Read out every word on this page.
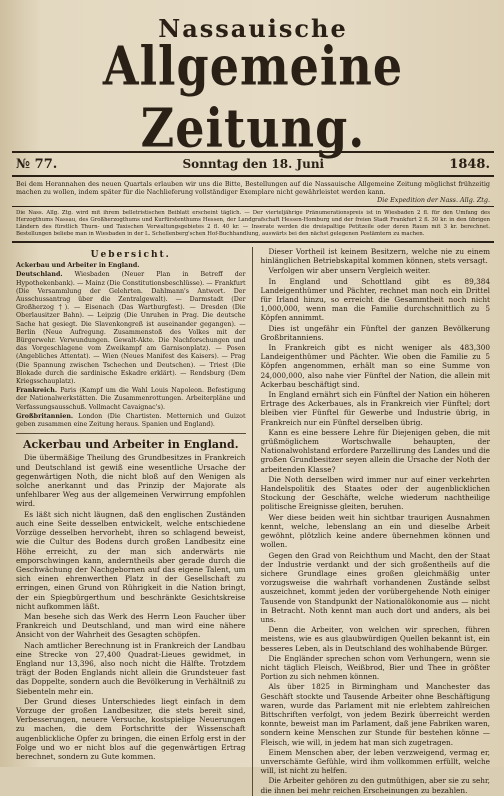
Nassauische
Allgemeine Zeitung.
№ 77.	Sonntag den 18. Juni	1848.
Bei dem Herannahen des neuen Quartals erlauben wir uns die Bitte, Bestellungen auf die Nassauische Allgemeine Zeitung möglichst frühzeitig machen zu wollen, indem später für die Nachlieferung vollständiger Exemplare nicht gewährleistet werden kann.
Die Expedition der Nass. Allg. Ztg.
Die Nass. Allg. Ztg. wird mit ihrem belletristischen Beiblatt erscheint täglich. — Der vierteljährige Pränumerationspreis ist in Wiesbaden 2 fl. für den Umfang des Herzogthums Nassau, des Großherzogthums und Kurfürstenthums Hessen, der Landgrafschaft Hessen-Homburg und der freien Stadt Frankfurt 2 fl. 30 kr. in den übrigen Ländern des fürstlich Thurn- und Taxischen Verwaltungsgebietes 2 fl. 40 kr. — Inserate werden die dreispaltige Petitzeile oder deren Raum mit 3 kr. berechnet. Bestellungen beliebe man in Wiesbaden in der L. Schellenberg'schen Hof-Buchhandlung, auswärts bei den nächst gelegenen Postämtern zu machen.
Uebersicht.

Ackerbau und Arbeiter in England.

Deutschland. Wiesbaden (Neuer Plan in Betreff der Hypothekenbank). — Mainz (Die Constitutionsbeschlüsse). — Frankfurt (Die Versammlung der Gelehrten. Dahlmann's Antwort. Der Ausschussantrag über die Zentralgewalt). — Darmstadt (Der Großherzog †). — Eisenach (Das Wartburgfest). — Dresden (Die Oberlausitzer Bahn). — Leipzig (Die Unruhen in Prag. Die deutsche Sache hat gesiegt. Die Slavenkongreß ist auseinander gegangen). — Berlin (Neue Aufregung. Zusammenstoß des Volkes mit der Bürgerwehr. Verwundungen. Gewalt-Akte. Die Nachforschungen und das Vorgeschlagene vom Zweikampf am Garnisonplatz). — Posen (Angebliches Attentat). — Wien (Neues Manifest des Kaisers). — Prag (Die Spannung zwischen Tschechen und Deutschen). — Triest (Die Blokade durch die sardinische Eskadre erklärt). — Rendsburg (Dem Kriegsschauplatz).

Frankreich. Paris (Kampf um die Wahl Louis Napoleon. Befestigung der Nationalwerkstätten. Die Zusammenrottungen. Arbeiterpläne und Verfassungsausschuß. Vollmacht Cavaignac's).

Großbritannien. London (Die Chartisten. Metternich und Guizot geben zusammen eine Zeitung heraus. Spanien und England).

Ackerbau und Arbeiter in England.

Die übermäßige Theilung des Grundbesitzes in Frankreich und Deutschland ist gewiß eine wesentliche Ursache der gegenwärtigen Noth, die nicht bloß auf den Wenigen als solche anerkannt und das Prinzip der Majorate als unfehlbarer Weg aus der allgemeinen Verwirrung empfohlen wird.

Es läßt sich nicht läugnen, daß den englischen Zuständen auch eine Seite desselben entwickelt, welche entschiedene Vorzüge desselben hervorhebt, ihren so schlagend beweist, wie die Cultur des Bodens durch großen Landbesitz eine Höhe erreicht, zu der man sich anderwärts nie emporschwingen kann, anderntheils aber gerade durch die Geschwächung der Nachgebornen auf das eigene Talent, um sich einen ehrenwerthen Platz in der Gesellschaft zu erringen, einen Grund von Rührigkeit in die Nation bringt, der ein Spiegbürgerthum und beschränkte Gesichtskreise nicht aufkommen läßt.

Man besehe sich das Werk des Herrn Leon Faucher über Frankreich und Deutschland, und man wird eine nähere Ansicht von der Wahrheit des Gesagten schöpfen.

Nach amtlicher Berechnung ist in Frankreich der Landbau eine Strecke von 27,400 Quadrat-Lieues gewidmet, in England nur 13,396, also noch nicht die Hälfte. Trotzdem trägt der Boden Englands nicht allein die Grundsteuer fast das Doppelte, sondern auch die Bevölkerung in Verhältniß zu Siebenteln mehr ein.

Der Grund dieses Unterschiedes liegt einfach in dem Vorzuge der großen Landbesitzer, die stets bereit sind, Verbesserungen, neuere Versuche, kostspielige Neuerungen zu machen, die dem Fortschritte der Wissenschaft augenblickliche Opfer zu bringen, die einen Erfolg erst in der Folge und wo er nicht blos auf die gegenwärtigen Ertrag berechnet, sondern zu Gute kommen.

Dieser Vortheil ist keinem Besitzern, welche nie zu einem hinlänglichen Betriebskapital kommen können, stets versagt.

Verfolgen wir aber unsern Vergleich weiter.

In England und Schottland gibt es 89,384 Landeigenthümer und Pächter, rechnet man noch ein Drittel für Irland hinzu, so erreicht die Gesammtheit noch nicht 1,000,000, wenn man die Familie durchschnittlich zu 5 Köpfen annimmt.

Dies ist ungefähr ein Fünftel der ganzen Bevölkerung Großbritanniens.

In Frankreich gibt es nicht weniger als 483,300 Landeigenthümer und Pächter. Wie oben die Familie zu 5 Köpfen angenommen, erhält man so eine Summe von 24,000,000, also nahe vier Fünftel der Nation, die allein mit Ackerbau beschäftigt sind.

In England ernährt sich ein Fünftel der Nation ein höheren Ertrage des Ackerbaues, als in Frankreich vier Fünftel; dort bleiben vier Fünftel für Gewerbe und Industrie übrig, in Frankreich nur ein Fünftel derselben übrig.

Kann es eine bessere Lehre für Diejenigen geben, die mit grüßmöglichem Wortschwalle behaupten, der Nationalwohlstand erfordere Parzellirung des Landes und die großen Grundbesitzer seyen allein die Ursache der Noth der arbeitenden Klasse?

Die Noth derselben wird immer nur auf einer verkehrten Handelspolitik des Staates oder der augenblicklichen Stockung der Geschäfte, welche wiederum nachtheilige politische Ereignisse gleiten, beruhen.

Wer diese beiden weit hin sichtbar traurigen Ausnahmen kennt, welche, lebenslang an ein und dieselbe Arbeit gewöhnt, plötzlich keine andere übernehmen können und wollen.

Gegen den Grad von Reichthum und Macht, den der Staat der Industrie verdankt und der sich großentheils auf die sichere Grundlage eines großen gleichmäßig unter vorzugsweise die wahrhaft vorhandenen Zustände selbst auszeichnet, kommt jeden der vorübergehende Noth einiger Tausende von Standpunkt der Nationalökonomie aus — nicht in Betracht. Noth kennt man auch dort und anders, als bei uns.

Denn die Arbeiter, von welchen wir sprechen, führen meistens, wie es aus glaubwürdigen Quellen bekannt ist, ein besseres Leben, als in Deutschland des wohlhabende Bürger.

Die Engländer sprechen schon vom Verhungern, wenn sie nicht täglich Fleisch, Weißbrod, Bier und Thee in größter Portion zu sich nehmen können.

Als über 1825 in Birmingham und Manchester das Geschäft stockte und Tausende Arbeiter ohne Beschäftigung waren, wurde das Parlament mit nie erlebtem zahlreichen Bittschriften verfolgt, von jedem Bezirk überreicht werden konnte, beweist man im Parlament, daß jene Fabriken waren, sondern keine Menschen zur Stunde für bestehen könne — Fleisch, wie will, in jedem hat man sich zugetragen.

Einem Menschen aber, der leben verzweigend, vermag er, unverschämte Gefühle, wird ihm vollkommen erfüllt, welche will, ist nicht zu helfen.

Die Arbeiter gehören zu den gutmüthigen, aber sie zu sehr, die ihnen bei mehr reichen Erscheinungen zu bezahlen.
